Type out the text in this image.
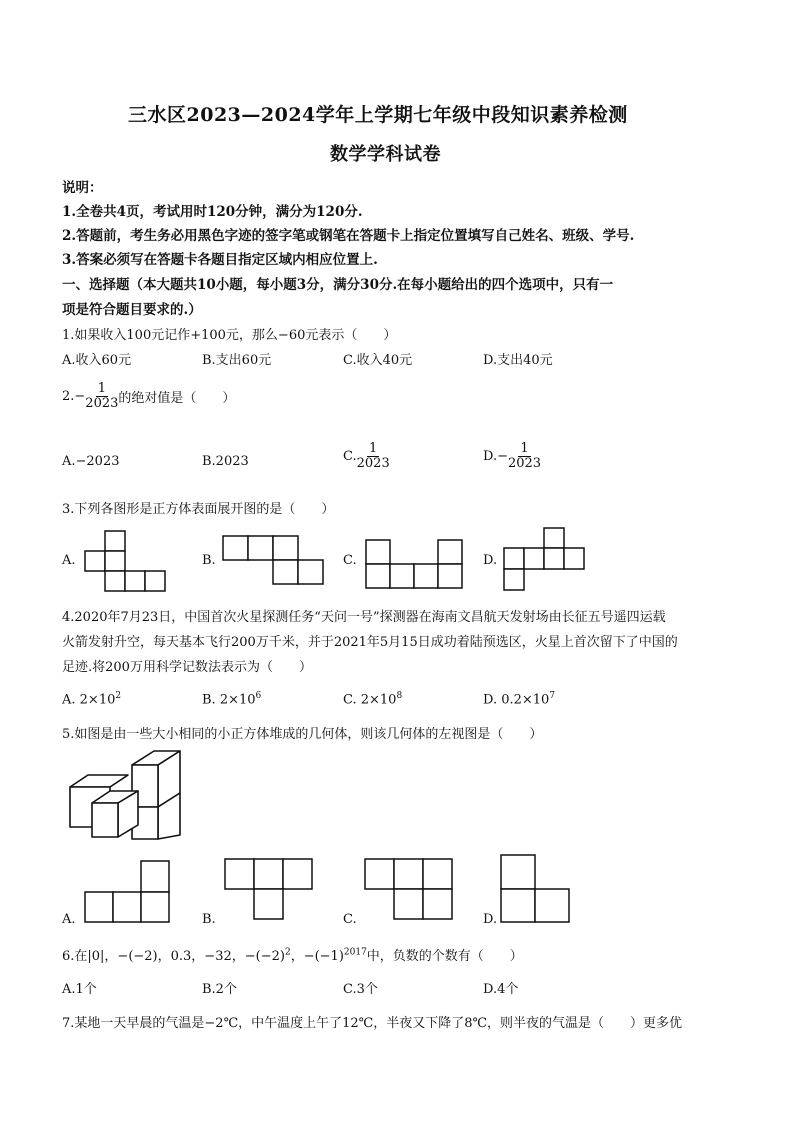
三水区2023—2024学年上学期七年级中段知识素养检测
数学学科试卷
说明：
1.全卷共4页，考试用时120分钟，满分为120分.
2.答题前，考生务必用黑色字迹的签字笔或钢笔在答题卡上指定位置填写自己姓名、班级、学号.
3.答案必须写在答题卡各题目指定区域内相应位置上.
一、选择题（本大题共10小题，每小题3分，满分30分.在每小题给出的四个选项中，只有一
项是符合题目要求的.）
1.如果收入100元记作+100元，那么−60元表示（　　）
A.收入60元	B.支出60元	C.收入40元	D.支出40元
$2.- \frac{1}{2023}$ 的绝对值是（　　）
A.−2023	B.2023	C. $\frac{1}{2023}$	$D.- \frac{1}{2023}$
3.下列各图形是正方体表面展开图的是（　　）
A.	B.	C.	D.
4.2020年7月23日，中国首次火星探测任务“天问一号”探测器在海南文昌航天发射场由长征五号遥四运载
火箭发射升空，每天基本飞行200万千米，并于2021年5月15日成功着陆预选区，火星上首次留下了中国的
足迹.将200万用科学记数法表示为（　　）
A. $2\times 10^2$	B. $2\times 10^6$	C. $2\times 10^8$	D. $0.2\times 10^7$
5.如图是由一些大小相同的小正方体堆成的几何体，则该几何体的左视图是（　　）
A.	B.	C.	D.
6.在|0|，−(−2)，0.3，−32，$-(-2)^2$，$-(-1)^{2017}$中，负数的个数有（　　）
A.1个	B.2个	C.3个	D.4个
7.某地一天早晨的气温是−2℃，中午温度上午了12℃，半夜又下降了8℃，则半夜的气温是（　　）更多优
